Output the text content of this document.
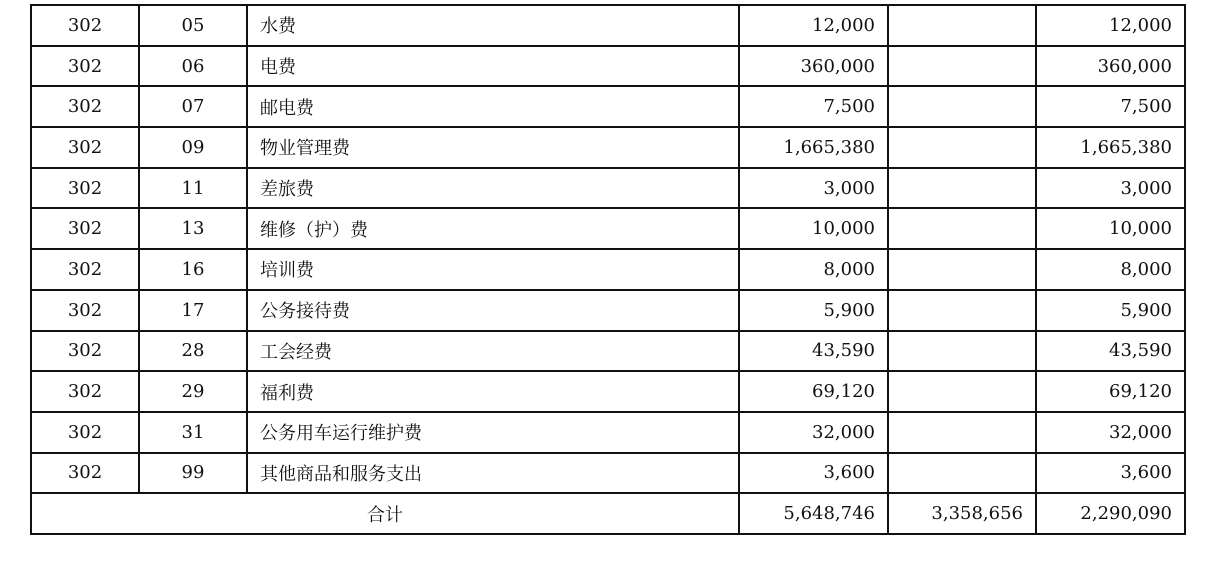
302	05	水费	12,000		12,000
302	06	电费	360,000		360,000
302	07	邮电费	7,500		7,500
302	09	物业管理费	1,665,380		1,665,380
302	11	差旅费	3,000		3,000
302	13	维修（护）费	10,000		10,000
302	16	培训费	8,000		8,000
302	17	公务接待费	5,900		5,900
302	28	工会经费	43,590		43,590
302	29	福利费	69,120		69,120
302	31	公务用车运行维护费	32,000		32,000
302	99	其他商品和服务支出	3,600		3,600
合计			5,648,746	3,358,656	2,290,090
